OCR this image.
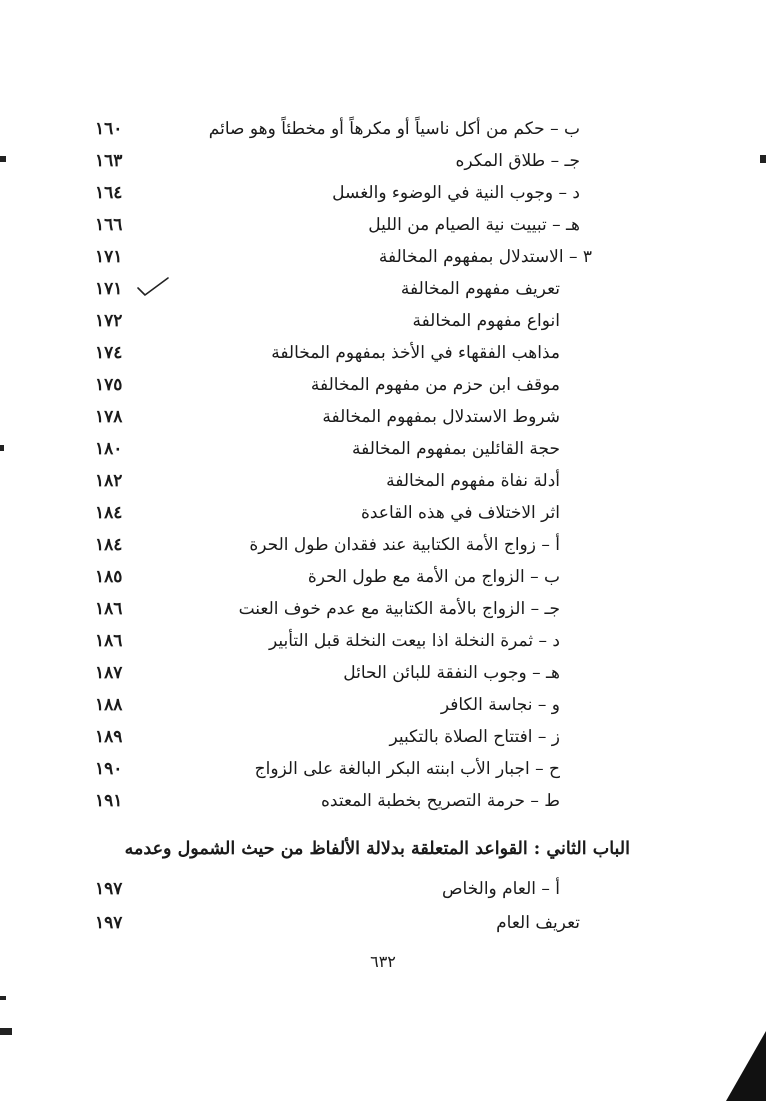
ب – حكم من أكل ناسياً أو مكرهاً أو مخطئاً وهو صائم
١٦٠
جـ – طلاق المكره
١٦٣
د – وجوب النية في الوضوء والغسل
١٦٤
هـ – تبييت نية الصيام من الليل
١٦٦
٣ – الاستدلال بمفهوم المخالفة
١٧١
تعريف مفهوم المخالفة
١٧١
انواع مفهوم المخالفة
١٧٢
مذاهب الفقهاء في الأخذ بمفهوم المخالفة
١٧٤
موقف ابن حزم من مفهوم المخالفة
١٧٥
شروط الاستدلال بمفهوم المخالفة
١٧٨
حجة القائلين بمفهوم المخالفة
١٨٠
أدلة نفاة مفهوم المخالفة
١٨٢
اثر الاختلاف في هذه القاعدة
١٨٤
أ – زواج الأمة الكتابية عند فقدان طول الحرة
١٨٤
ب – الزواج من الأمة مع طول الحرة
١٨٥
جـ – الزواج بالأمة الكتابية مع عدم خوف العنت
١٨٦
د – ثمرة النخلة اذا بيعت النخلة قبل التأبير
١٨٦
هـ – وجوب النفقة للبائن الحائل
١٨٧
و – نجاسة الكافر
١٨٨
ز – افتتاح الصلاة بالتكبير
١٨٩
ح – اجبار الأب ابنته البكر البالغة على الزواج
١٩٠
ط – حرمة التصريح بخطبة المعتده
١٩١
الباب الثاني : القواعد المتعلقة بدلالة الألفاظ من حيث الشمول وعدمه
أ – العام والخاص
١٩٧
تعريف العام
١٩٧
٦٣٢
